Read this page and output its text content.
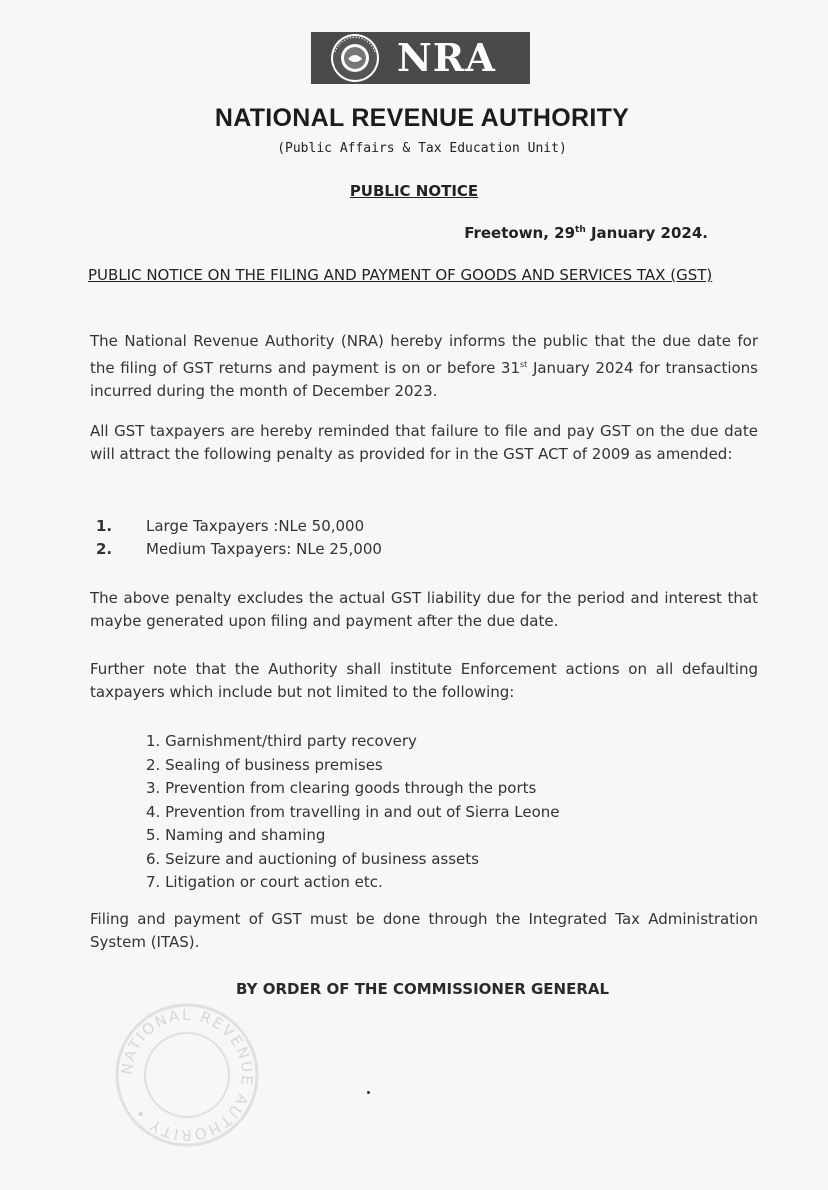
NRA
NATIONAL REVENUE AUTHORITY
(Public Affairs & Tax Education Unit)
PUBLIC NOTICE
Freetown, 29th January 2024.
PUBLIC NOTICE ON THE FILING AND PAYMENT OF GOODS AND SERVICES TAX (GST)
The National Revenue Authority (NRA) hereby informs the public that the due date for the filing of GST returns and payment is on or before 31st January 2024 for transactions incurred during the month of December 2023.
All GST taxpayers are hereby reminded that failure to file and pay GST on the due date will attract the following penalty as provided for in the GST ACT of 2009 as amended:
1.	Large Taxpayers :NLe 50,000
2.	Medium Taxpayers: NLe 25,000
The above penalty excludes the actual GST liability due for the period and interest that maybe generated upon filing and payment after the due date.
Further note that the Authority shall institute Enforcement actions on all defaulting taxpayers which include but not limited to the following:
1. Garnishment/third party recovery
2. Sealing of business premises
3. Prevention from clearing goods through the ports
4. Prevention from travelling in and out of Sierra Leone
5. Naming and shaming
6. Seizure and auctioning of business assets
7. Litigation or court action etc.
Filing and payment of GST must be done through the Integrated Tax Administration System (ITAS).
BY ORDER OF THE COMMISSIONER GENERAL
NATIONAL REVENUE AUTHORITY •
